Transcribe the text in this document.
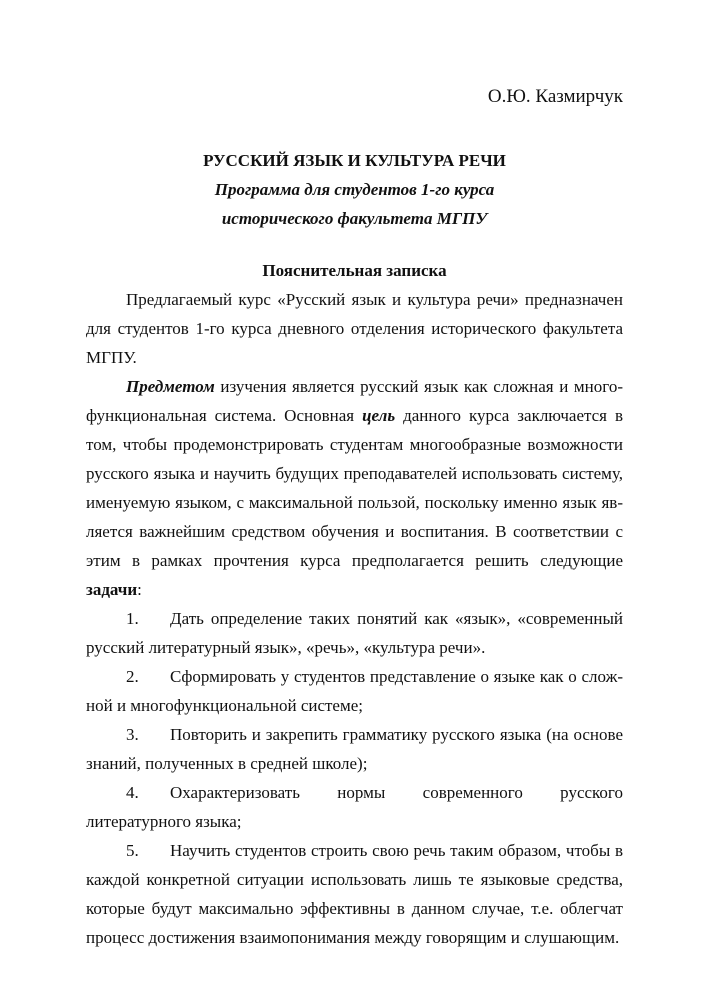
О.Ю. Казмирчук
РУССКИЙ ЯЗЫК И КУЛЬТУРА РЕЧИ
Программа для студентов 1-го курса
исторического факультета МГПУ
Пояснительная записка

Предлагаемый курс «Русский язык и культура речи» предназначен для студентов 1-го курса дневного отделения исторического факультета МГПУ.

Предметом изучения является русский язык как сложная и многофункциональная система. Основная цель данного курса заключается в том, чтобы продемонстрировать студентам многообразные возможности русского языка и научить будущих преподавателей использовать систему, именуемую языком, с максимальной пользой, поскольку именно язык является важнейшим средством обучения и воспитания. В соответствии с этим в рамках прочтения курса предполагается решить следующие задачи:

1. Дать определение таких понятий как «язык», «современный русский литературный язык», «речь», «культура речи».

2. Сформировать у студентов представление о языке как о сложной и многофункциональной системе;

3. Повторить и закрепить грамматику русского языка (на основе знаний, полученных в средней школе);

4. Охарактеризовать нормы современного русского литературного языка;

5. Научить студентов строить свою речь таким образом, чтобы в каждой конкретной ситуации использовать лишь те языковые средства, которые будут максимально эффективны в данном случае, т.е. облегчат процесс достижения взаимопонимания между говорящим и слушающим.
